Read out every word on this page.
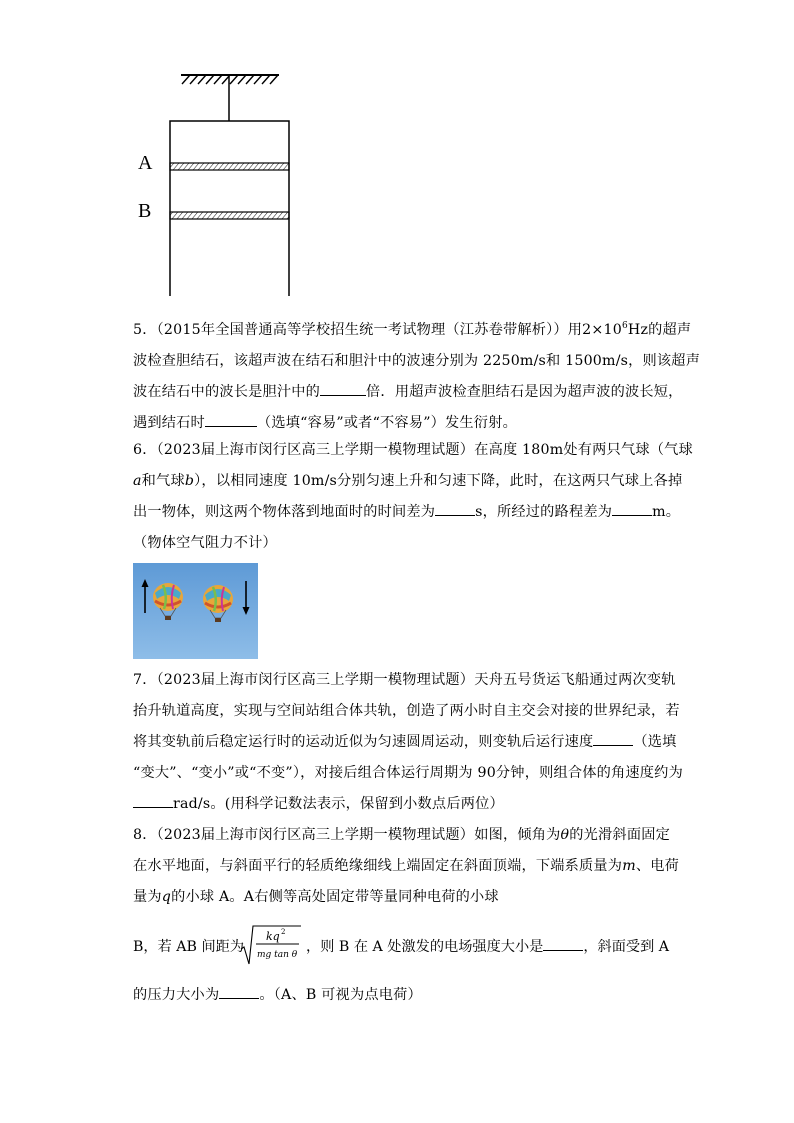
A
B
5．（2015年全国普通高等学校招生统一考试物理（江苏卷带解析））用$2\times 10^6Hz$的超声
波检查胆结石，该超声波在结石和胆汁中的波速分别为 2250m/s和 1500m/s，则该超声
波在结石中的波长是胆汁中的	倍．用超声波检查胆结石是因为超声波的波长短，
遇到结石时	（选填“容易”或者“不容易”）发生衍射。
6．（2023届上海市闵行区高三上学期一模物理试题）在高度 180m处有两只气球（气球
a和气球b），以相同速度 10m/s分别匀速上升和匀速下降，此时，在这两只气球上各掉
出一物体，则这两个物体落到地面时的时间差为	s，所经过的路程差为	m。
（物体空气阻力不计）
7．（2023届上海市闵行区高三上学期一模物理试题）天舟五号货运飞船通过两次变轨
抬升轨道高度，实现与空间站组合体共轨，创造了两小时自主交会对接的世界纪录，若
将其变轨前后稳定运行时的运动近似为匀速圆周运动，则变轨后运行速度	（选填
“变大”、“变小”或“不变”），对接后组合体运行周期为 90分钟，则组合体的角速度约为
rad/s。(用科学记数法表示，保留到小数点后两位）
8．（2023届上海市闵行区高三上学期一模物理试题）如图，倾角为θ的光滑斜面固定
在水平地面，与斜面平行的轻质绝缘细线上端固定在斜面顶端，下端系质量为m、电荷
量为q的小球 A。A右侧等高处固定带等量同种电荷的小球
B，若 AB 间距为
kq 2
mg tan θ ，则 B 在 A 处激发的电场强度大小是	，斜面受到 A
的压力大小为	。（A、B 可视为点电荷）
